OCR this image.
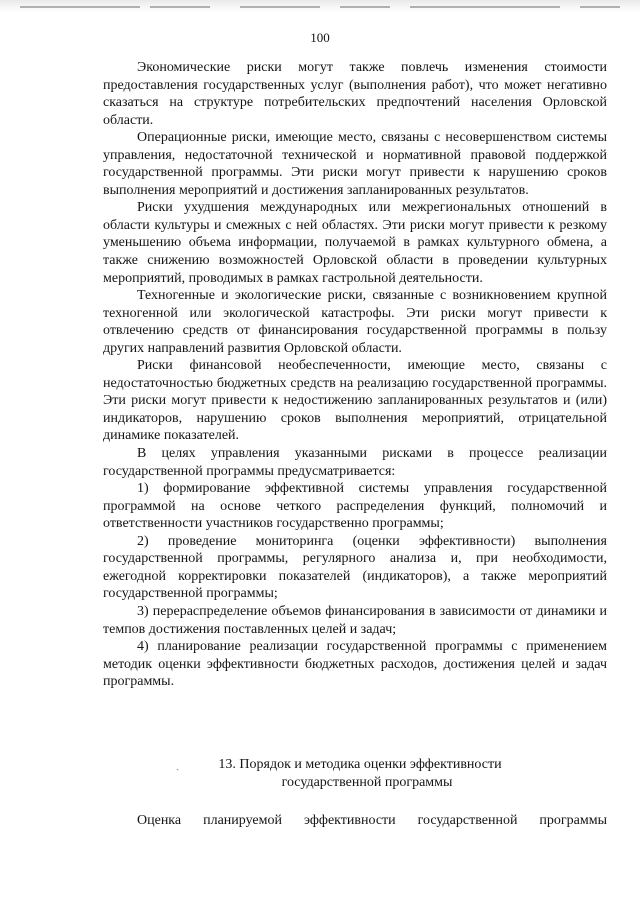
100

Экономические риски могут также повлечь изменения стоимости предоставления государственных услуг (выполнения работ), что может негативно сказаться на структуре потребительских предпочтений населения Орловской области.

Операционные риски, имеющие место, связаны с несовершенством системы управления, недостаточной технической и нормативной правовой поддержкой государственной программы. Эти риски могут привести к нарушению сроков выполнения мероприятий и достижения запланированных результатов.

Риски ухудшения международных или межрегиональных отношений в области культуры и смежных с ней областях. Эти риски могут привести к резкому уменьшению объема информации, получаемой в рамках культурного обмена, а также снижению возможностей Орловской области в проведении культурных мероприятий, проводимых в рамках гастрольной деятельности.

Техногенные и экологические риски, связанные с возникновением крупной техногенной или экологической катастрофы. Эти риски могут привести к отвлечению средств от финансирования государственной программы в пользу других направлений развития Орловской области.

Риски финансовой необеспеченности, имеющие место, связаны с недостаточностью бюджетных средств на реализацию государственной программы. Эти риски могут привести к недостижению запланированных результатов и (или) индикаторов, нарушению сроков выполнения мероприятий, отрицательной динамике показателей.

В целях управления указанными рисками в процессе реализации государственной программы предусматривается:

1) формирование эффективной системы управления государственной программой на основе четкого распределения функций, полномочий и ответственности участников государственно программы;

2) проведение мониторинга (оценки эффективности) выполнения государственной программы, регулярного анализа и, при необходимости, ежегодной корректировки показателей (индикаторов), а также мероприятий государственной программы;

3) перераспределение объемов финансирования в зависимости от динамики и темпов достижения поставленных целей и задач;

4) планирование реализации государственной программы с применением методик оценки эффективности бюджетных расходов, достижения целей и задач программы.

ˏ	13. Порядок и методика оценки эффективности
государственной программы
Оценка планируемой эффективности государственной программы
